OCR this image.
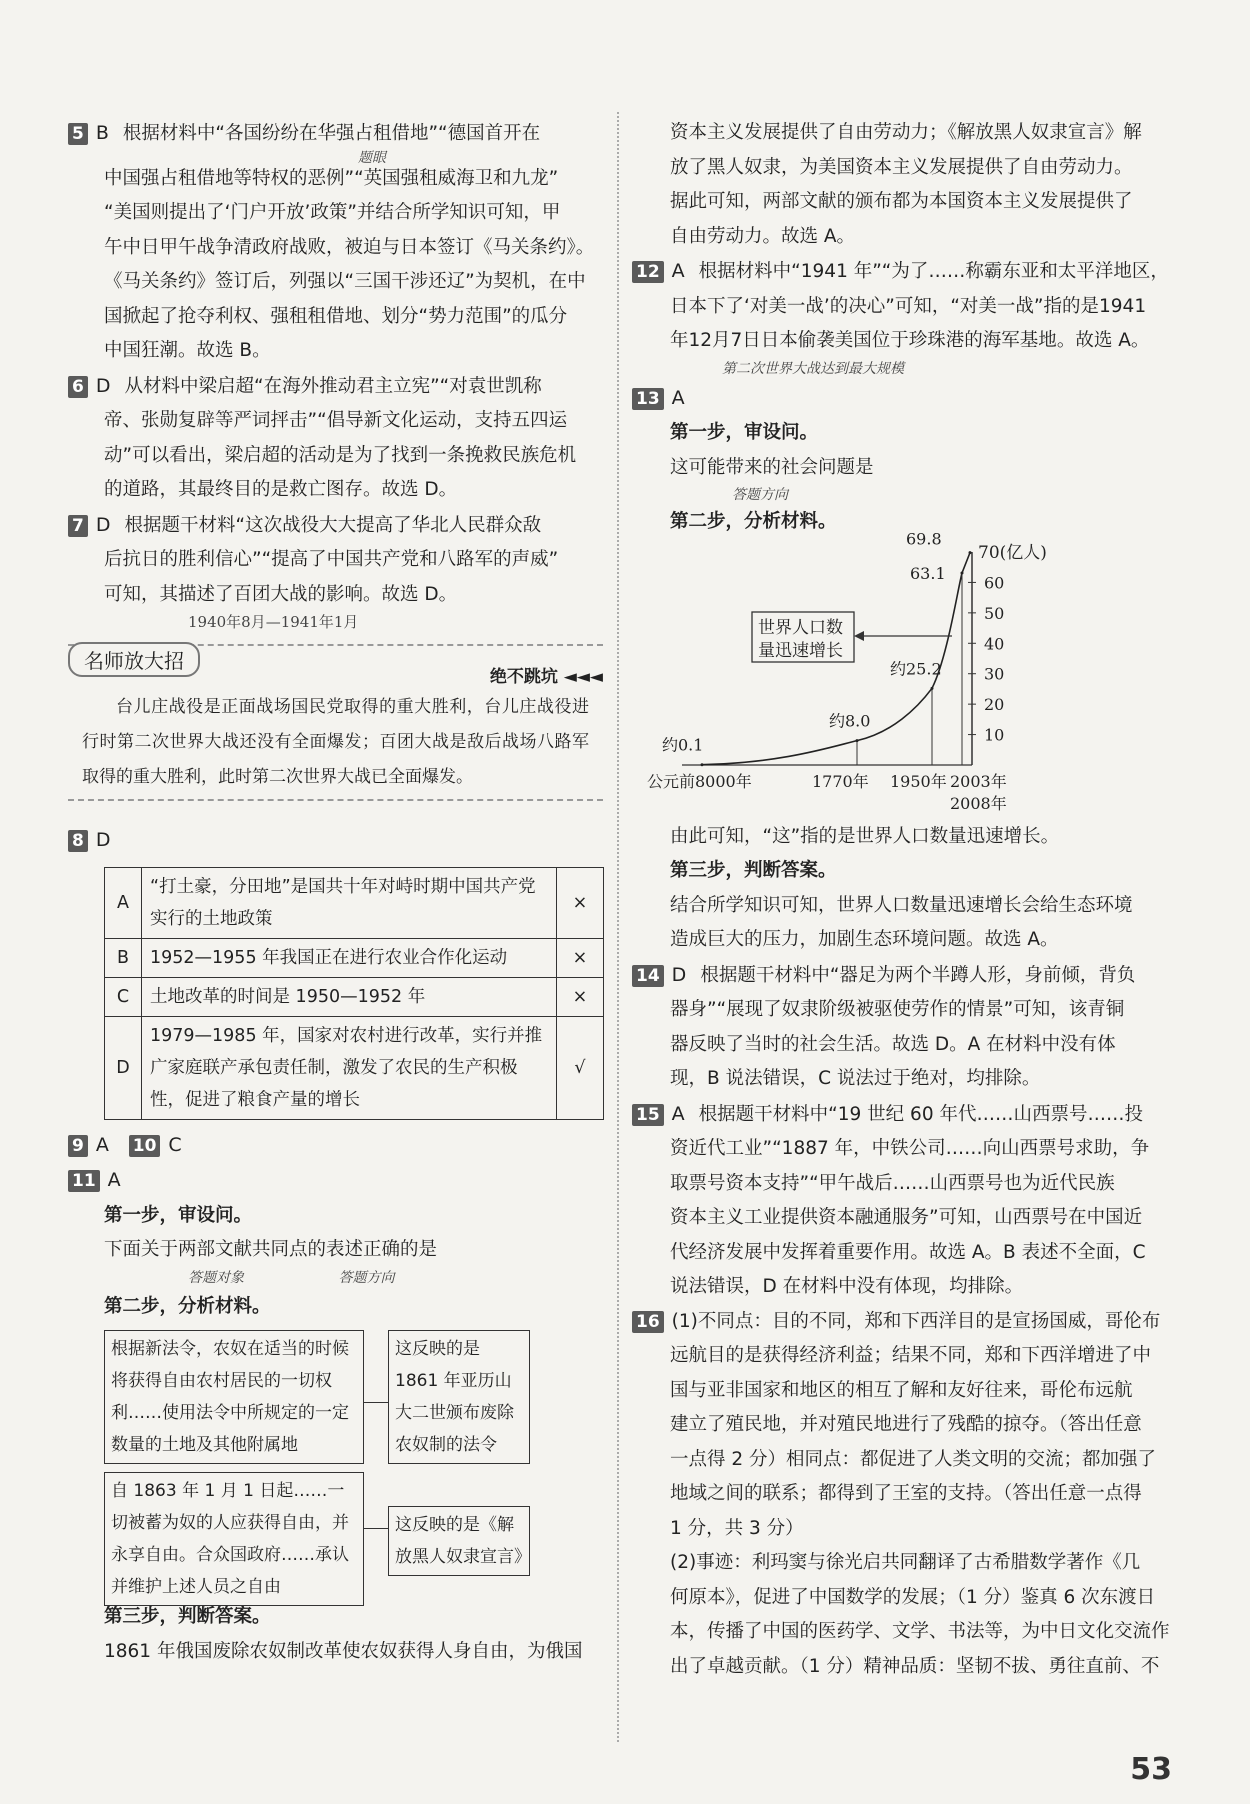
5 B 根据材料中“各国纷纷在华强占租借地”“德国首开在

题眼

中国强占租借地等特权的恶例”“英国强租威海卫和九龙”

“美国则提出了‘门户开放’政策”并结合所学知识可知，甲

午中日甲午战争清政府战败，被迫与日本签订《马关条约》。

《马关条约》签订后，列强以“三国干涉还辽”为契机，在中

国掀起了抢夺利权、强租租借地、划分“势力范围”的瓜分

中国狂潮。故选 B。

6 D 从材料中梁启超“在海外推动君主立宪”“对袁世凯称

帝、张勋复辟等严词抨击”“倡导新文化运动，支持五四运

动”可以看出，梁启超的活动是为了找到一条挽救民族危机

的道路，其最终目的是救亡图存。故选 D。

7 D 根据题干材料“这次战役大大提高了华北人民群众敌

后抗日的胜利信心”“提高了中国共产党和八路军的声威”

可知，其描述了百团大战的影响。故选 D。

1940年8月—1941年1月
名师放大招
绝不跳坑 ◄◄◄

台儿庄战役是正面战场国民党取得的重大胜利，台儿庄战役进行时第二次世界大战还没有全面爆发；百团大战是敌后战场八路军取得的重大胜利，此时第二次世界大战已全面爆发。

8 D

A	“打土豪，分田地”是国共十年对峙时期中国共产党实行的土地政策	×
B	1952—1955 年我国正在进行农业合作化运动	×
C	土地改革的时间是 1950—1952 年	×
D	1979—1985 年，国家对农村进行改革，实行并推广家庭联产承包责任制，激发了农民的生产积极性，促进了粮食产量的增长	√

9 A 10 C

11 A

第一步，审设问。

下面关于两部文献共同点的表述正确的是

答题对象	答题方向

第二步，分析材料。

根据新法令，农奴在适当的时候将获得自由农村居民的一切权利……使用法令中所规定的一定数量的土地及其他附属地
这反映的是 1861 年亚历山大二世颁布废除农奴制的法令
自 1863 年 1 月 1 日起……一切被蓄为奴的人应获得自由，并永享自由。合众国政府……承认并维护上述人员之自由
这反映的是《解放黑人奴隶宣言》

第三步，判断答案。

1861 年俄国废除农奴制改革使农奴获得人身自由，为俄国

资本主义发展提供了自由劳动力；《解放黑人奴隶宣言》解

放了黑人奴隶，为美国资本主义发展提供了自由劳动力。

据此可知，两部文献的颁布都为本国资本主义发展提供了

自由劳动力。故选 A。

12 A 根据材料中“1941 年”“为了……称霸东亚和太平洋地区，

日本下了‘对美一战’的决心”可知，“对美一战”指的是1941

年12月7日日本偷袭美国位于珍珠港的海军基地。故选 A。

第二次世界大战达到最大规模

13 A

第一步，审设问。

这可能带来的社会问题是

答题方向

第二步，分析材料。

70(亿人)
10
20
30
40
50
60
约0.1
约8.0
约25.2
63.1
69.8
公元前8000年	1770年 1950年 2003年
2008年
世界人口数
量迅速增长

由此可知，“这”指的是世界人口数量迅速增长。

第三步，判断答案。

结合所学知识可知，世界人口数量迅速增长会给生态环境

造成巨大的压力，加剧生态环境问题。故选 A。

14 D 根据题干材料中“器足为两个半蹲人形，身前倾，背负

器身”“展现了奴隶阶级被驱使劳作的情景”可知，该青铜

器反映了当时的社会生活。故选 D。A 在材料中没有体

现，B 说法错误，C 说法过于绝对，均排除。

15 A 根据题干材料中“19 世纪 60 年代……山西票号……投

资近代工业”“1887 年，中铁公司……向山西票号求助，争

取票号资本支持”“甲午战后……山西票号也为近代民族

资本主义工业提供资本融通服务”可知，山西票号在中国近

代经济发展中发挥着重要作用。故选 A。B 表述不全面，C

说法错误，D 在材料中没有体现，均排除。

16 (1)不同点：目的不同，郑和下西洋目的是宣扬国威，哥伦布

远航目的是获得经济利益；结果不同，郑和下西洋增进了中

国与亚非国家和地区的相互了解和友好往来，哥伦布远航

建立了殖民地，并对殖民地进行了残酷的掠夺。（答出任意

一点得 2 分）相同点：都促进了人类文明的交流；都加强了

地域之间的联系；都得到了王室的支持。（答出任意一点得

1 分，共 3 分）

(2)事迹：利玛窦与徐光启共同翻译了古希腊数学著作《几

何原本》，促进了中国数学的发展；（1 分）鉴真 6 次东渡日

本，传播了中国的医药学、文学、书法等，为中日文化交流作

出了卓越贡献。（1 分）精神品质：坚韧不拔、勇往直前、不

53
